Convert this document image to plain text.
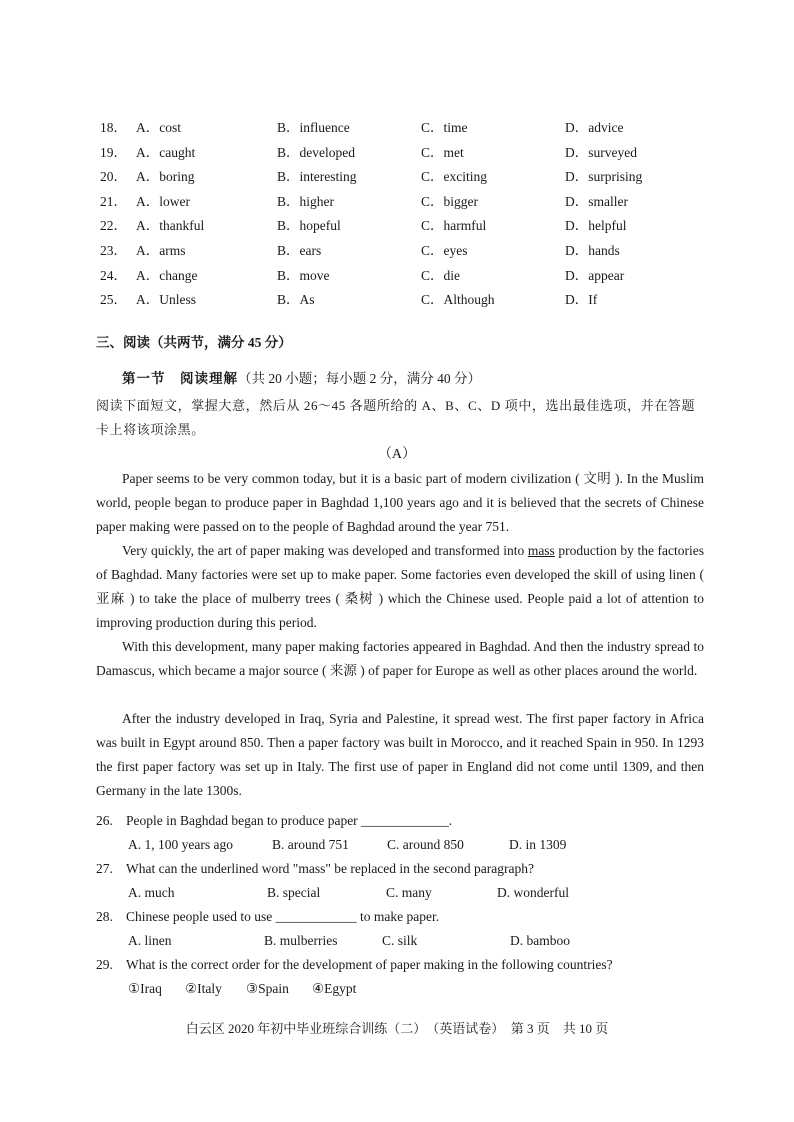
18． A．cost	B．influence	C．time	D．advice
19． A．caught	B．developed	C．met	D．surveyed
20． A．boring	B．interesting	C．exciting	D．surprising
21． A．lower	B．higher	C．bigger	D．smaller
22． A．thankful	B．hopeful	C．harmful	D．helpful
23． A．arms	B．ears	C．eyes	D．hands
24． A．change	B．move	C．die	D．appear
25． A．Unless	B．As	C．Although	D．If
三、阅读（共两节，满分 45 分）
第一节　阅读理解（共 20 小题；每小题 2 分，满分 40 分）
阅读下面短文，掌握大意，然后从 26～45 各题所给的 A、B、C、D 项中，选出最佳选项，并在答题卡上将该项涂黑。
（A）
Paper seems to be very common today, but it is a basic part of modern civilization ( 文明 ). In the Muslim world, people began to produce paper in Baghdad 1,100 years ago and it is believed that the secrets of Chinese paper making were passed on to the people of Baghdad around the year 751.
Very quickly, the art of paper making was developed and transformed into mass production by the factories of Baghdad. Many factories were set up to make paper. Some factories even developed the skill of using linen ( 亚麻 ) to take the place of mulberry trees ( 桑树 ) which the Chinese used. People paid a lot of attention to improving production during this period.
With this development, many paper making factories appeared in Baghdad. And then the industry spread to Damascus, which became a major source ( 来源 ) of paper for Europe as well as other places around the world.
After the industry developed in Iraq, Syria and Palestine, it spread west. The first paper factory in Africa was built in Egypt around 850. Then a paper factory was built in Morocco, and it reached Spain in 950. In 1293 the first paper factory was set up in Italy. The first use of paper in England did not come until 1309, and then Germany in the late 1300s.
26. People in Baghdad began to produce paper _____________.
A. 1, 100 years ago	B. around 751	C. around 850	D. in 1309
27. What can the underlined word "mass" be replaced in the second paragraph?
A. much	B. special	C. many	D. wonderful
28. Chinese people used to use ____________ to make paper.
A. linen	B. mulberries	C. silk	D. bamboo
29. What is the correct order for the development of paper making in the following countries?
①Iraq ②Italy ③Spain ④Egypt
白云区 2020 年初中毕业班综合训练（二）　（英语试卷）　第 3 页　共 10 页
